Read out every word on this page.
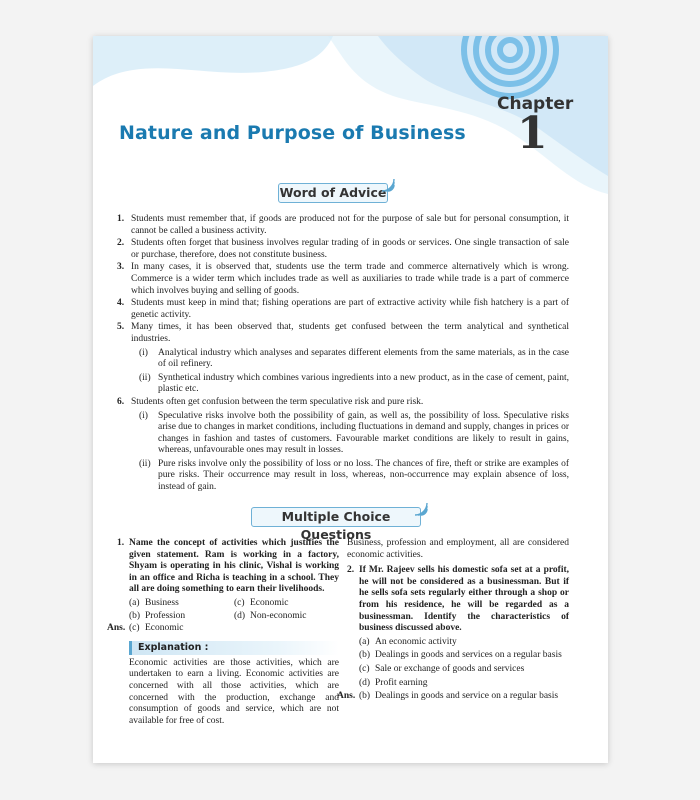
Chapter
1
Nature and Purpose of Business
Word of Advice
1. Students must remember that, if goods are produced not for the purpose of sale but for personal consumption, it cannot be called a business activity.
2. Students often forget that business involves regular trading of in goods or services. One single transaction of sale or purchase, therefore, does not constitute business.
3. In many cases, it is observed that, students use the term trade and commerce alternatively which is wrong. Commerce is a wider term which includes trade as well as auxiliaries to trade while trade is a part of commerce which involves buying and selling of goods.
4. Students must keep in mind that; fishing operations are part of extractive activity while fish hatchery is a part of genetic activity.
5. Many times, it has been observed that, students get confused between the term analytical and synthetical industries.
(i) Analytical industry which analyses and separates different elements from the same materials, as in the case of oil refinery.
(ii) Synthetical industry which combines various ingredients into a new product, as in the case of cement, paint, plastic etc.
6. Students often get confusion between the term speculative risk and pure risk.
(i) Speculative risks involve both the possibility of gain, as well as, the possibility of loss. Speculative risks arise due to changes in market conditions, including fluctuations in demand and supply, changes in prices or changes in fashion and tastes of customers. Favourable market conditions are likely to result in gains, whereas, unfavourable ones may result in losses.
(ii) Pure risks involve only the possibility of loss or no loss. The chances of fire, theft or strike are examples of pure risks. Their occurrence may result in loss, whereas, non-occurrence may explain absence of loss, instead of gain.
Multiple Choice Questions
1. Name the concept of activities which justifies the given statement. Ram is working in a factory, Shyam is operating in his clinic, Vishal is working in an office and Richa is teaching in a school. They all are doing something to earn their livelihoods.
(a) Business	(c) Economic
(b) Profession	(d) Non-economic
Ans. (c) Economic
Explanation :
Economic activities are those activities, which are undertaken to earn a living. Economic activities are concerned with all those activities, which are concerned with the production, exchange and consumption of goods and service, which are not available for free of cost.
Business, profession and employment, all are considered economic activities.
2. If Mr. Rajeev sells his domestic sofa set at a profit, he will not be considered as a businessman. But if he sells sofa sets regularly either through a shop or from his residence, he will be regarded as a businessman. Identify the characteristics of business discussed above.
(a) An economic activity
(b) Dealings in goods and services on a regular basis
(c) Sale or exchange of goods and services
(d) Profit earning
Ans. (b) Dealings in goods and service on a regular basis
